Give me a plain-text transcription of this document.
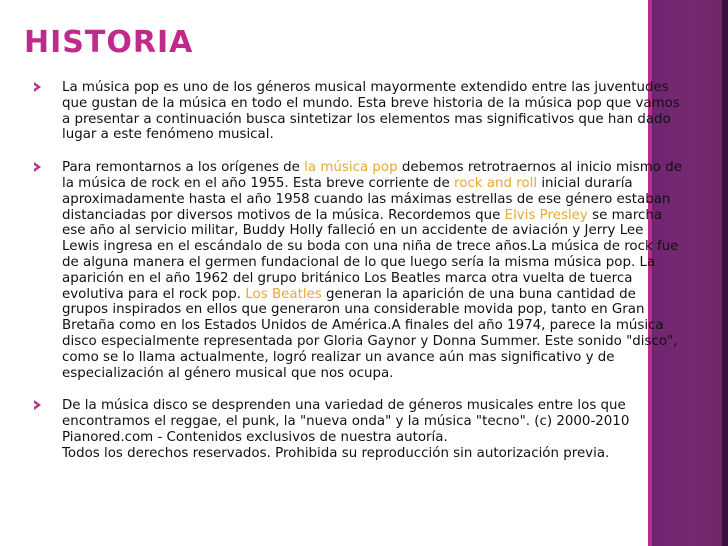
HISTORIA
La música pop es uno de los géneros musical mayormente extendido entre las juventudes que gustan de la música en todo el mundo. Esta breve historia de la música pop que vamos a presentar a continuación busca sintetizar los elementos mas significativos que han dado lugar a este fenómeno musical.
Para remontarnos a los orígenes de la música pop debemos retrotraernos al inicio mismo de la música de rock en el año 1955. Esta breve corriente de rock and roll inicial duraría aproximadamente hasta el año 1958 cuando las máximas estrellas de ese género estaban distanciadas por diversos motivos de la música. Recordemos que Elvis Presley se marcha ese año al servicio militar, Buddy Holly falleció en un accidente de aviación y Jerry Lee Lewis ingresa en el escándalo de su boda con una niña de trece años.La música de rock fue de alguna manera el germen fundacional de lo que luego sería la misma música pop. La aparición en el año 1962 del grupo británico Los Beatles marca otra vuelta de tuerca evolutiva para el rock pop. Los Beatles generan la aparición de una buna cantidad de grupos inspirados en ellos que generaron una considerable movida pop, tanto en Gran Bretaña como en los Estados Unidos de América.A finales del año 1974, parece la música disco especialmente representada por Gloria Gaynor y Donna Summer. Este sonido "disco", como se lo llama actualmente, logró realizar un avance aún mas significativo y de especialización al género musical que nos ocupa.
De la música disco se desprenden una variedad de géneros musicales entre los que encontramos el reggae, el punk, la "nueva onda" y la música "tecno". (c) 2000-2010 Pianored.com - Contenidos exclusivos de nuestra autoría.
Todos los derechos reservados. Prohibida su reproducción sin autorización previa.
